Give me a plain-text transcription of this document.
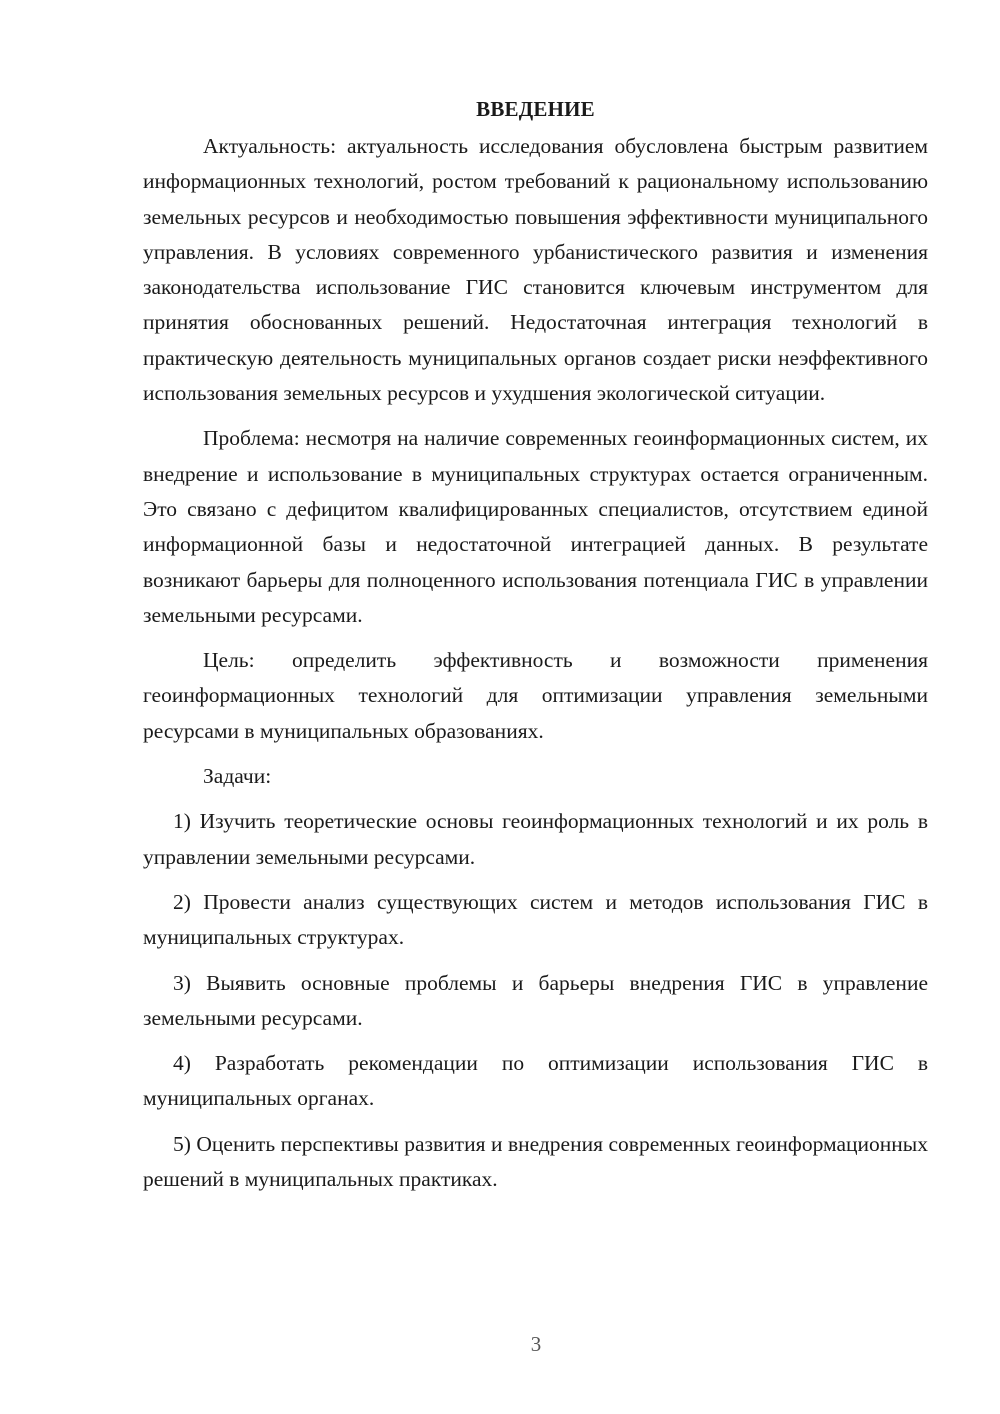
ВВЕДЕНИЕ

Актуальность: актуальность исследования обусловлена быстрым развитием информационных технологий, ростом требований к рациональному использованию земельных ресурсов и необходимостью повышения эффективности муниципального управления. В условиях современного урбанистического развития и изменения законодательства использование ГИС становится ключевым инструментом для принятия обоснованных решений. Недостаточная интеграция технологий в практическую деятельность муниципальных органов создает риски неэффективного использования земельных ресурсов и ухудшения экологической ситуации.

Проблема: несмотря на наличие современных геоинформационных систем, их внедрение и использование в муниципальных структурах остается ограниченным. Это связано с дефицитом квалифицированных специалистов, отсутствием единой информационной базы и недостаточной интеграцией данных. В результате возникают барьеры для полноценного использования потенциала ГИС в управлении земельными ресурсами.

Цель: определить эффективность и возможности применения геоинформационных технологий для оптимизации управления земельными ресурсами в муниципальных образованиях.

Задачи:

1) Изучить теоретические основы геоинформационных технологий и их роль в управлении земельными ресурсами.

2) Провести анализ существующих систем и методов использования ГИС в муниципальных структурах.

3) Выявить основные проблемы и барьеры внедрения ГИС в управление земельными ресурсами.

4) Разработать рекомендации по оптимизации использования ГИС в муниципальных органах.

5) Оценить перспективы развития и внедрения современных геоинформационных решений в муниципальных практиках.

3
